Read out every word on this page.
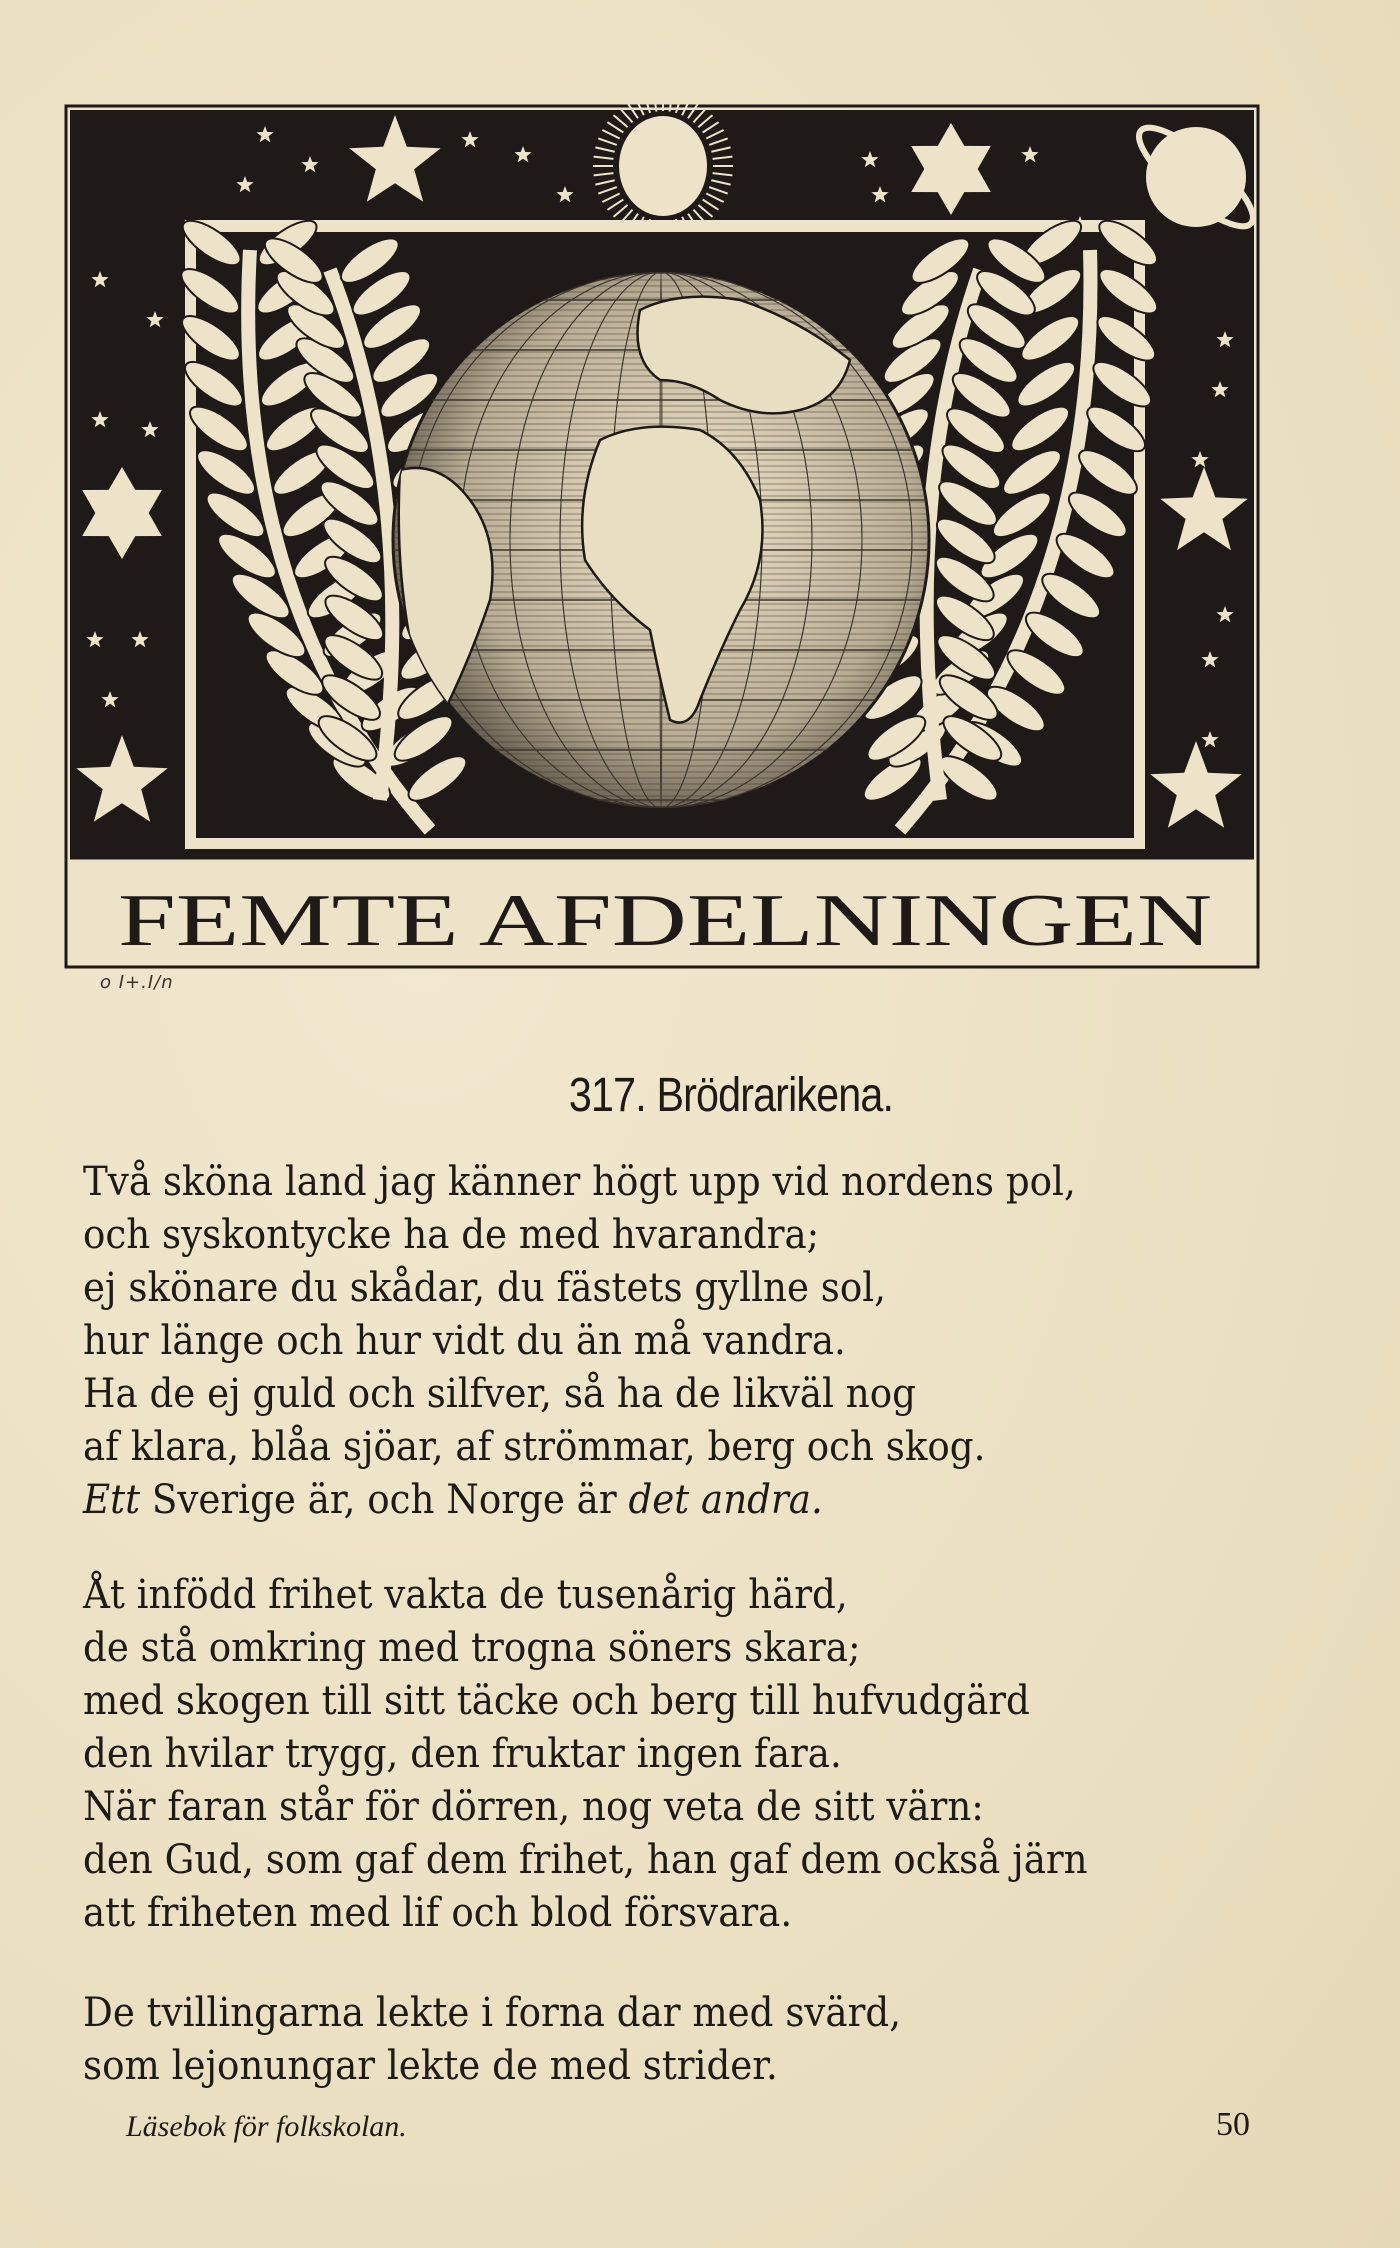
FEMTE AFDELNINGEN
o I+.I/n
317. Brödrarikena.
Två sköna land jag känner högt upp vid nordens pol,
och syskontycke ha de med hvarandra;
ej skönare du skådar, du fästets gyllne sol,
hur länge och hur vidt du än må vandra.
Ha de ej guld och silfver, så ha de likväl nog
af klara, blåa sjöar, af strömmar, berg och skog.
Ett Sverige är, och Norge är det andra.
Åt infödd frihet vakta de tusenårig härd,
de stå omkring med trogna söners skara;
med skogen till sitt täcke och berg till hufvudgärd
den hvilar trygg, den fruktar ingen fara.
När faran står för dörren, nog veta de sitt värn:
den Gud, som gaf dem frihet, han gaf dem också järn
att friheten med lif och blod försvara.
De tvillingarna lekte i forna dar med svärd,
som lejonungar lekte de med strider.
Läsebok för folkskolan.	50
